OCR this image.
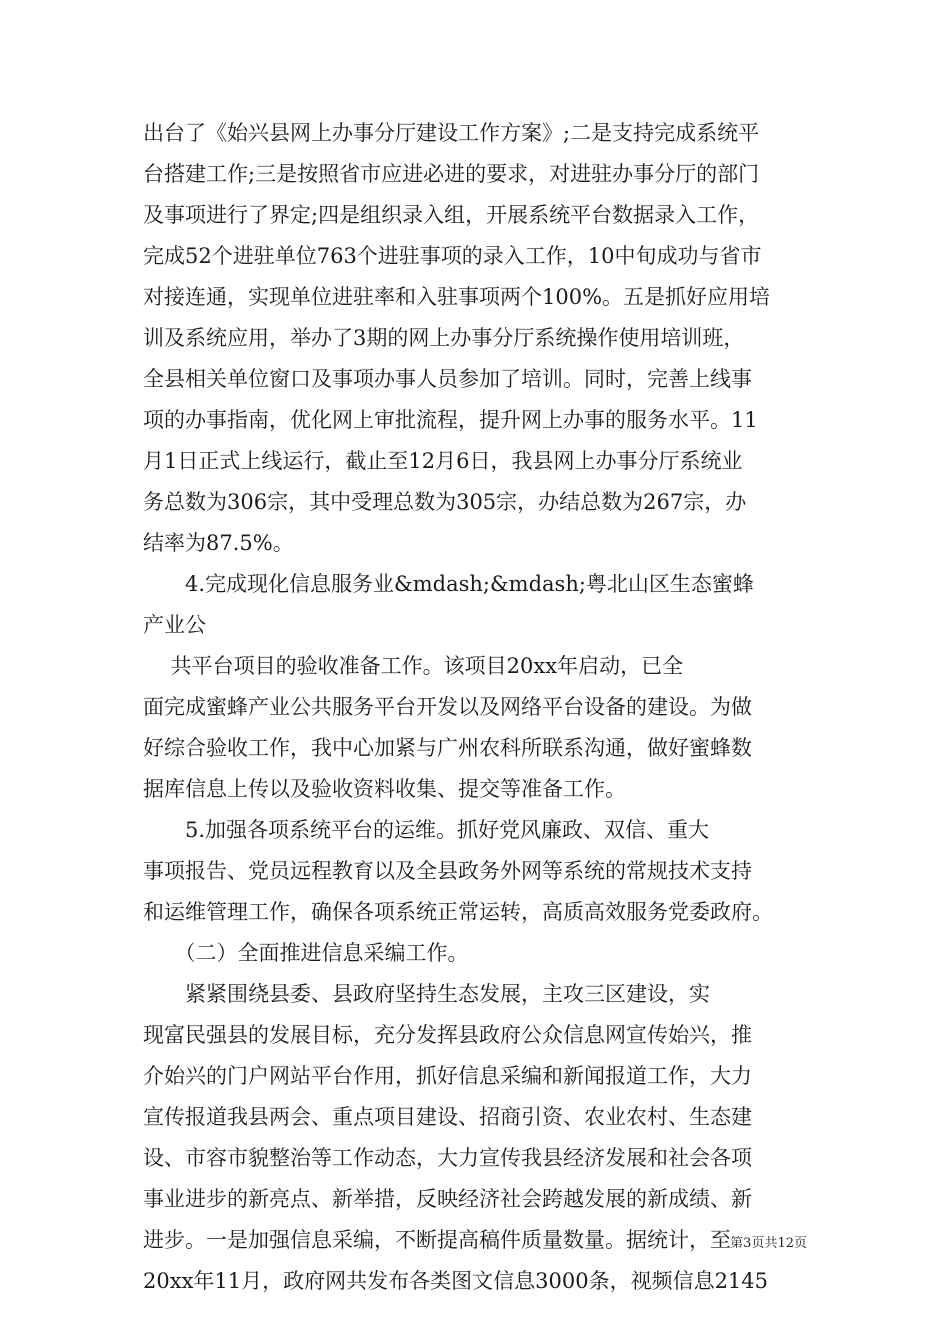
出台了《始兴县网上办事分厅建设工作方案》;二是支持完成系统平
台搭建工作;三是按照省市应进必进的要求，对进驻办事分厅的部门
及事项进行了界定;四是组织录入组，开展系统平台数据录入工作，
完成52个进驻单位763个进驻事项的录入工作，10中旬成功与省市
对接连通，实现单位进驻率和入驻事项两个100%。五是抓好应用培
训及系统应用，举办了3期的网上办事分厅系统操作使用培训班，
全县相关单位窗口及事项办事人员参加了培训。同时，完善上线事
项的办事指南，优化网上审批流程，提升网上办事的服务水平。11
月1日正式上线运行，截止至12月6日，我县网上办事分厅系统业
务总数为306宗，其中受理总数为305宗，办结总数为267宗，办
结率为87.5%。
　　4.完成现化信息服务业&mdash;&mdash;粤北山区生态蜜蜂
产业公
　 共平台项目的验收准备工作。该项目20xx年启动，已全
面完成蜜蜂产业公共服务平台开发以及网络平台设备的建设。为做
好综合验收工作，我中心加紧与广州农科所联系沟通，做好蜜蜂数
据库信息上传以及验收资料收集、提交等准备工作。
　　5.加强各项系统平台的运维。抓好党风廉政、双信、重大
事项报告、党员远程教育以及全县政务外网等系统的常规技术支持
和运维管理工作，确保各项系统正常运转，高质高效服务党委政府。
　　（二）全面推进信息采编工作。
　　紧紧围绕县委、县政府坚持生态发展，主攻三区建设，实
现富民强县的发展目标，充分发挥县政府公众信息网宣传始兴，推
介始兴的门户网站平台作用，抓好信息采编和新闻报道工作，大力
宣传报道我县两会、重点项目建设、招商引资、农业农村、生态建
设、市容市貌整治等工作动态，大力宣传我县经济发展和社会各项
事业进步的新亮点、新举措，反映经济社会跨越发展的新成绩、新
进步。一是加强信息采编，不断提高稿件质量数量。据统计，至
20xx年11月，政府网共发布各类图文信息3000条，视频信息2145
第3页共12页
